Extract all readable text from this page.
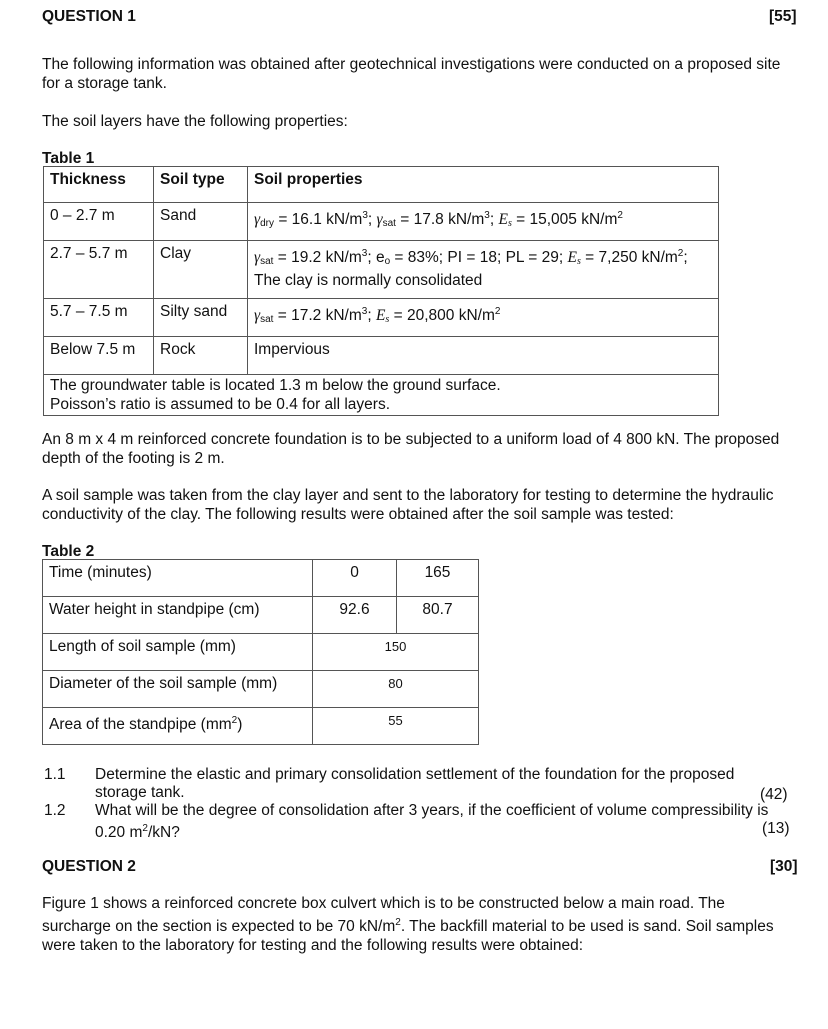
QUESTION 1	[55]
The following information was obtained after geotechnical investigations were conducted on a proposed site for a storage tank.
The soil layers have the following properties:
Table 1
Thickness	Soil type	Soil properties
0 – 2.7 m	Sand	$\gamma_{dry} = 16.1$ $kN/m^3$; $\gamma_{sat} = 17.8$ $kN/m^3$; $E_s = 15,005$ $kN/m^2$
2.7 – 5.7 m	Clay	$\gamma_{sat} = 19.2$ $kN/m^3$; $e_o = 83\%$; PI = 18; PL = 29; $E_s = 7,250$ $kN/m^2$;
The clay is normally consolidated
5.7 – 7.5 m	Silty sand	$\gamma_{sat} = 17.2$ $kN/m^3$; $E_s = 20,800$ $kN/m^2$
Below 7.5 m	Rock	Impervious

The groundwater table is located 1.3 m below the ground surface.
Poisson’s ratio is assumed to be 0.4 for all layers.		
An 8 m x 4 m reinforced concrete foundation is to be subjected to a uniform load of 4 800 kN. The proposed depth of the footing is 2 m.
A soil sample was taken from the clay layer and sent to the laboratory for testing to determine the hydraulic conductivity of the clay. The following results were obtained after the soil sample was tested:
Table 2
Time (minutes)	0	165
Water height in standpipe (cm)	92.6	80.7
Length of soil sample (mm)	150	
Diameter of the soil sample (mm)	80	
Area of the standpipe $(mm^2)$	55	
1.1 Determine the elastic and primary consolidation settlement of the foundation for the proposed
storage tank.	(42)
1.2 What will be the degree of consolidation after 3 years, if the coefficient of volume compressibility is
0.20 $m^2/kN$?	(13)
QUESTION 2	[30]
Figure 1 shows a reinforced concrete box culvert which is to be constructed below a main road. The
surcharge on the section is expected to be 70 $kN/m^2$. The backfill material to be used is sand. Soil samples
were taken to the laboratory for testing and the following results were obtained:
